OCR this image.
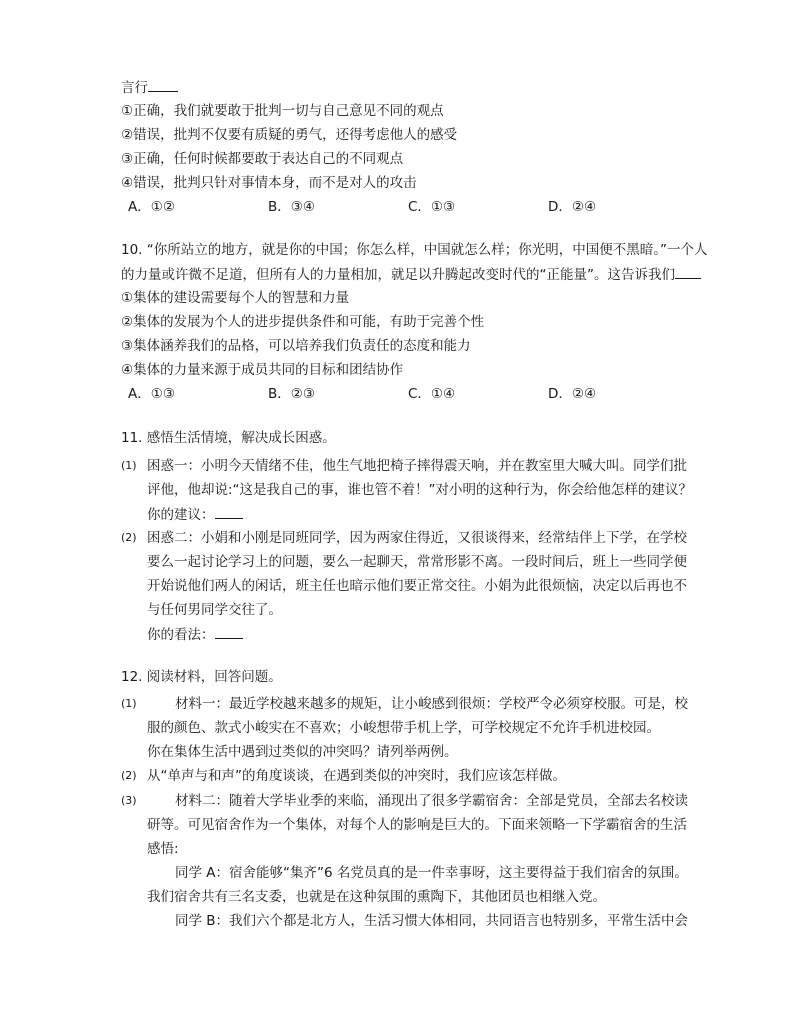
言行
①正确，我们就要敢于批判一切与自己意见不同的观点
②错误，批判不仅要有质疑的勇气，还得考虑他人的感受
③正确，任何时候都要敢于表达自己的不同观点
④错误，批判只针对事情本身，而不是对人的攻击
A．①②	B．③④	C．①③	D．②④
10. “你所站立的地方，就是你的中国；你怎么样，中国就怎么样；你光明，中国便不黑暗。”一个人
的力量或许微不足道，但所有人的力量相加，就足以升腾起改变时代的“正能量”。这告诉我们
①集体的建设需要每个人的智慧和力量
②集体的发展为个人的进步提供条件和可能，有助于完善个性
③集体涵养我们的品格，可以培养我们负责任的态度和能力
④集体的力量来源于成员共同的目标和团结协作
A．①③	B．②③	C．①④	D．②④
11. 感悟生活情境，解决成长困惑。
(1) 困惑一：小明今天情绪不佳，他生气地把椅子摔得震天响，并在教室里大喊大叫。同学们批
评他，他却说:“这是我自己的事，谁也管不着！”对小明的这种行为，你会给他怎样的建议？
你的建议：
(2) 困惑二：小娟和小刚是同班同学，因为两家住得近，又很谈得来，经常结伴上下学，在学校
要么一起讨论学习上的问题，要么一起聊天，常常形影不离。一段时间后，班上一些同学便
开始说他们两人的闲话，班主任也暗示他们要正常交往。小娟为此很烦恼，决定以后再也不
与任何男同学交往了。
你的看法：
12. 阅读材料，回答问题。
(1)	材料一：最近学校越来越多的规矩，让小峻感到很烦：学校严令必须穿校服。可是，校
服的颜色、款式小峻实在不喜欢；小峻想带手机上学，可学校规定不允许手机进校园。
你在集体生活中遇到过类似的冲突吗？请列举两例。
(2) 从“单声与和声”的角度谈谈，在遇到类似的冲突时，我们应该怎样做。
(3)	材料二：随着大学毕业季的来临，涌现出了很多学霸宿舍：全部是党员，全部去名校读
研等。可见宿舍作为一个集体，对每个人的影响是巨大的。下面来领略一下学霸宿舍的生活
感悟:
同学 A：宿舍能够“集齐”6 名党员真的是一件幸事呀，这主要得益于我们宿舍的氛围。
我们宿舍共有三名支委，也就是在这种氛围的熏陶下，其他团员也相继入党。
同学 B：我们六个都是北方人，生活习惯大体相同，共同语言也特别多，平常生活中会
